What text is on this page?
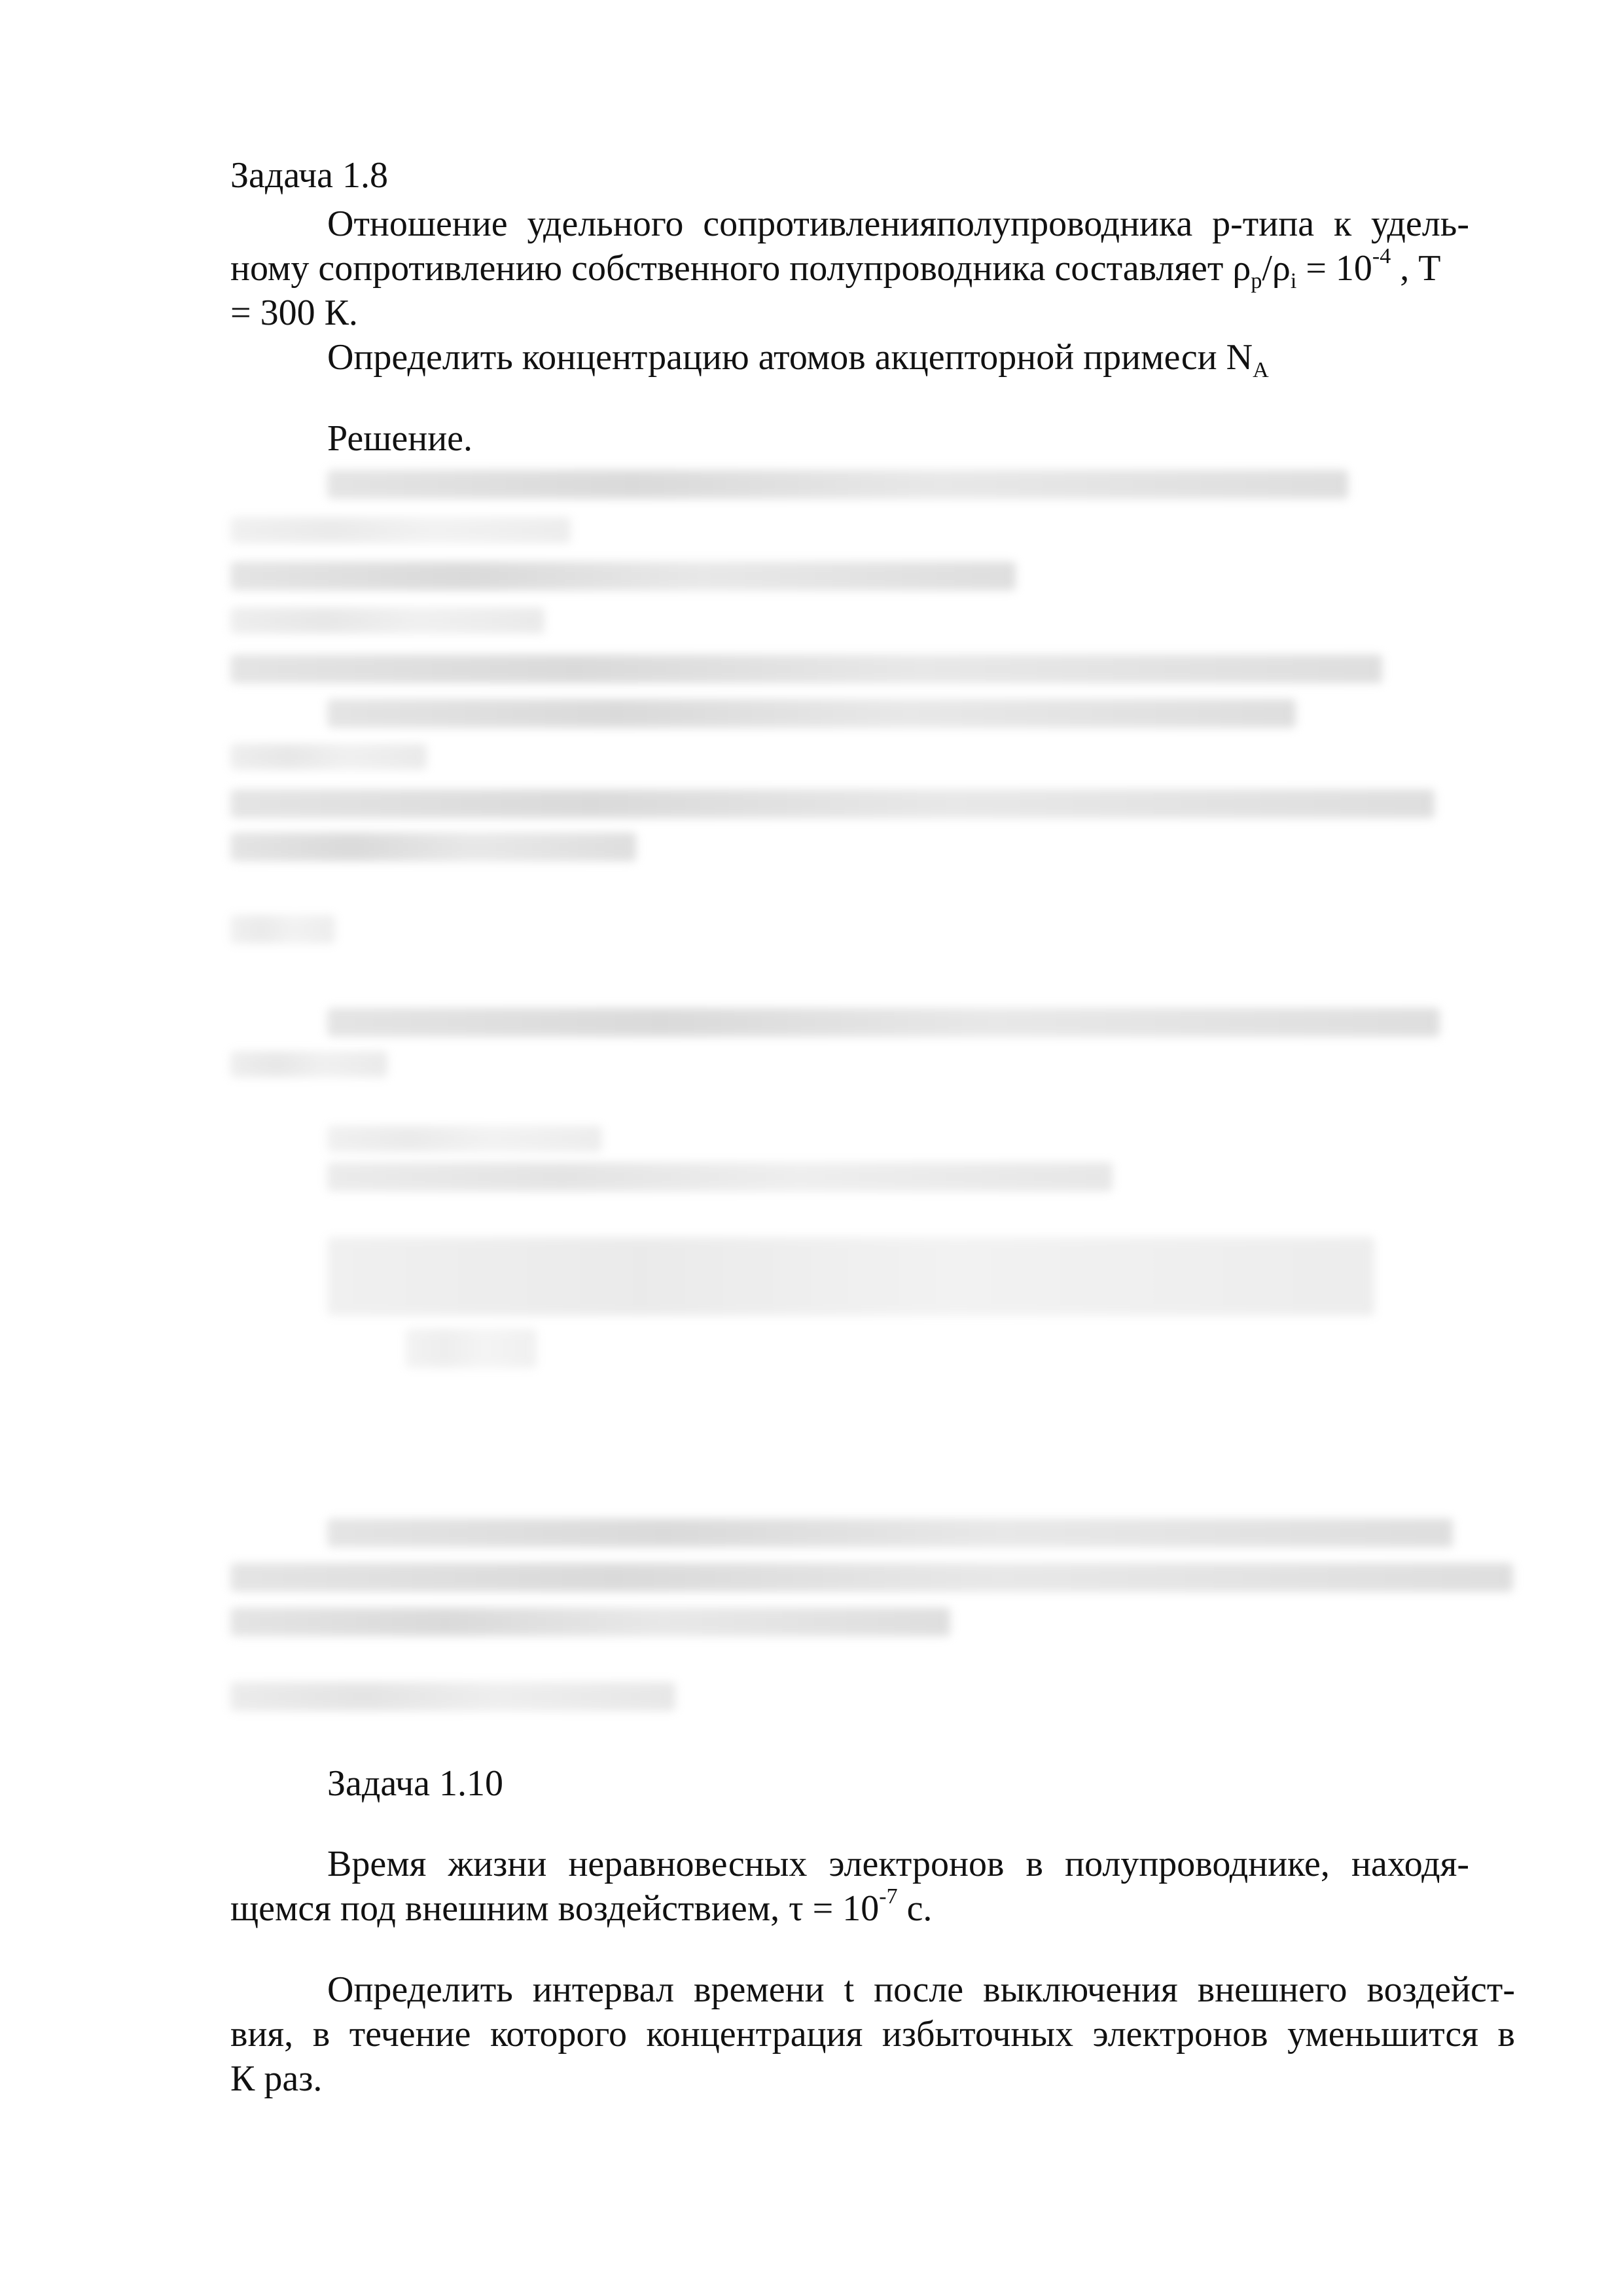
Задача 1.8
Отношение удельного сопротивленияполупроводника р-типа к удель-
ному сопротивлению собственного полупроводника составляет $\rho_p/\rho_i = 10^{-4}$ , Т
= 300 К.
Определить концентрацию атомов акцепторной примеси $N_A$
Решение.
Задача 1.10
Время жизни неравновесных электронов в полупроводнике, находя-
щемся под внешним воздействием, $\tau = 10^{-7}$ с.
Определить интервал времени t после выключения внешнего воздейст-
вия, в течение которого концентрация избыточных электронов уменьшится в
К раз.
